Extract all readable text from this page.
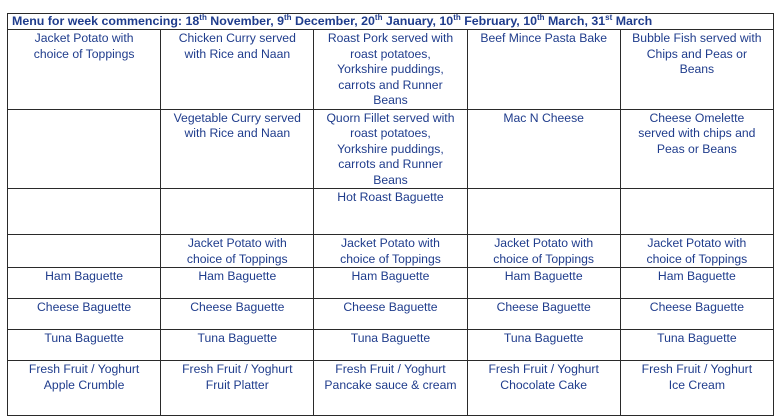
Menu for week commencing: 18th November, 9th December, 20th January, 10th February, 10th March, 31st March				

Jacket Potato with
choice of Toppings	Chicken Curry served
with Rice and Naan	Roast Pork served with
roast potatoes,
Yorkshire puddings,
carrots and Runner
Beans	Beef Mince Pasta Bake	Bubble Fish served with
Chips and Peas or
Beans

	Vegetable Curry served
with Rice and Naan	Quorn Fillet served with
roast potatoes,
Yorkshire puddings,
carrots and Runner
Beans	Mac N Cheese	Cheese Omelette
served with chips and
Peas or Beans

		Hot Roast Baguette		

	Jacket Potato with
choice of Toppings	Jacket Potato with
choice of Toppings	Jacket Potato with
choice of Toppings	Jacket Potato with
choice of Toppings

Ham Baguette	Ham Baguette	Ham Baguette	Ham Baguette	Ham Baguette

Cheese Baguette	Cheese Baguette	Cheese Baguette	Cheese Baguette	Cheese Baguette

Tuna Baguette	Tuna Baguette	Tuna Baguette	Tuna Baguette	Tuna Baguette

Fresh Fruit / Yoghurt
Apple Crumble	Fresh Fruit / Yoghurt
Fruit Platter	Fresh Fruit / Yoghurt
Pancake sauce & cream	Fresh Fruit / Yoghurt
Chocolate Cake	Fresh Fruit / Yoghurt
Ice Cream
